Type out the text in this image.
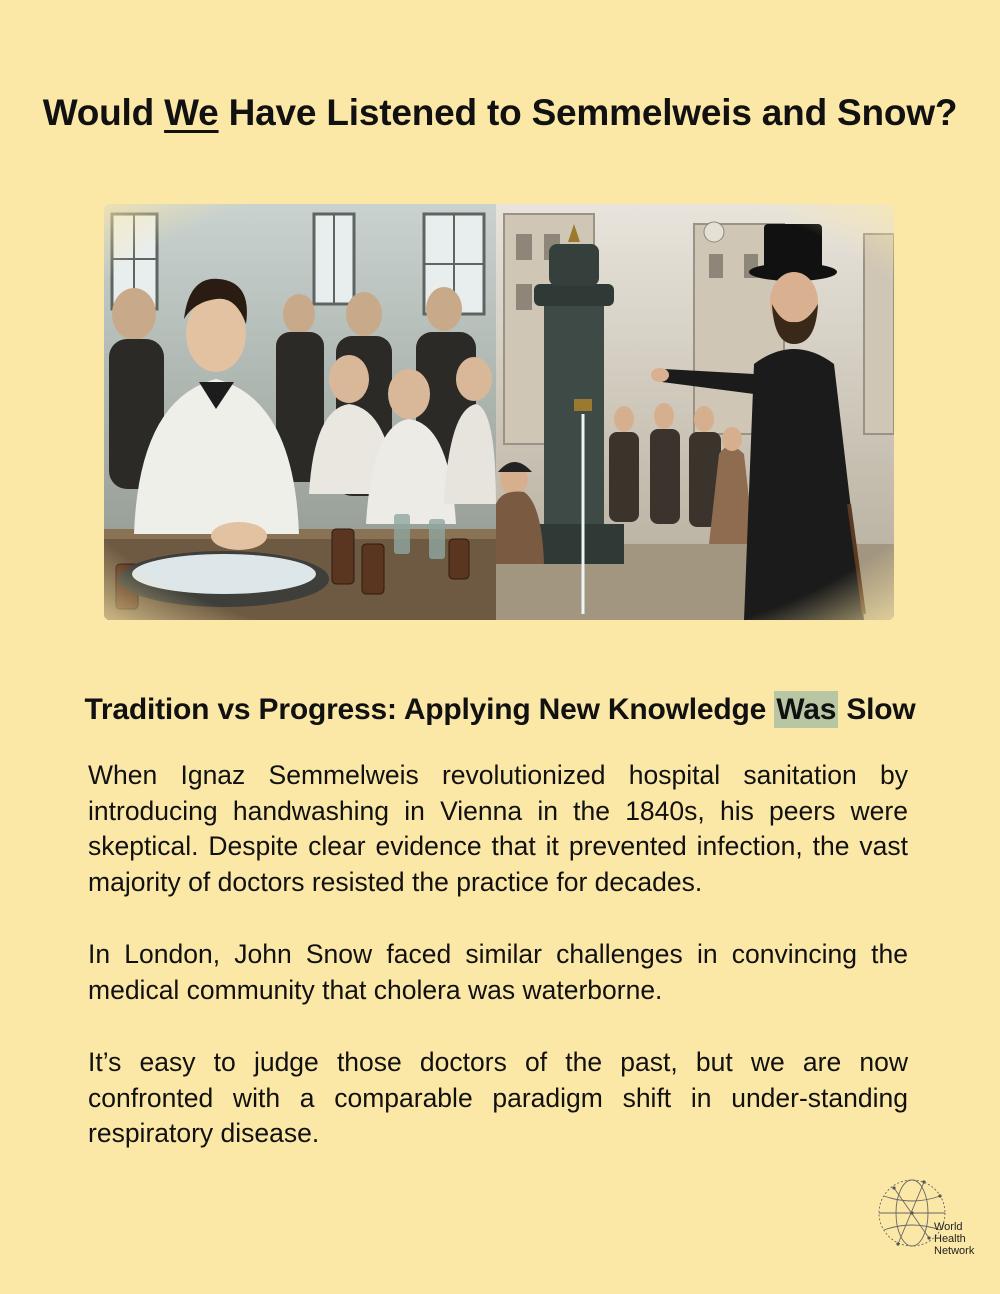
Would We Have Listened to Semmelweis and Snow?
Tradition vs Progress: Applying New Knowledge Was Slow

When Ignaz Semmelweis revolutionized hospital sanitation by introducing handwashing in Vienna in the 1840s, his peers were skeptical. Despite clear evidence that it prevented infection, the vast majority of doctors resisted the practice for decades.

In London, John Snow faced similar challenges in convincing the medical community that cholera was waterborne.

It’s easy to judge those doctors of the past, but we are now confronted with a comparable paradigm shift in under-standing respiratory disease.

World
Health
Network
